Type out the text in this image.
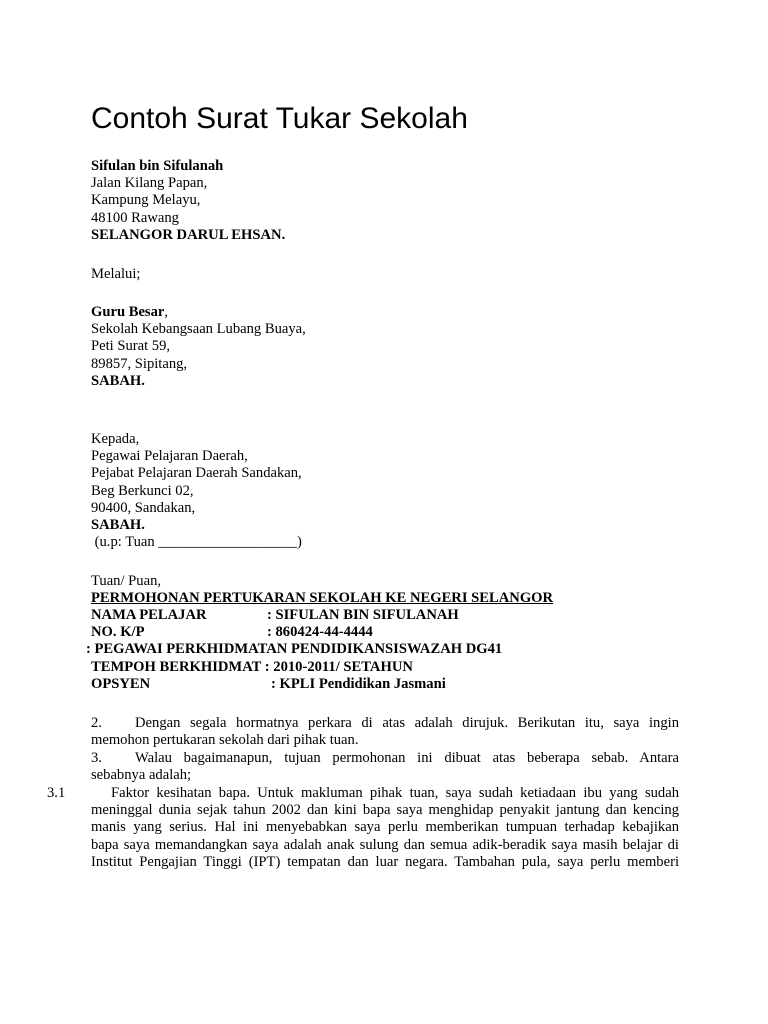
Contoh Surat Tukar Sekolah
Sifulan bin Sifulanah
Jalan Kilang Papan,
Kampung Melayu,
48100 Rawang
SELANGOR DARUL EHSAN.
Melalui;
Guru Besar,
Sekolah Kebangsaan Lubang Buaya,
Peti Surat 59,
89857, Sipitang,
SABAH.
Kepada,
Pegawai Pelajaran Daerah,
Pejabat Pelajaran Daerah Sandakan,
Beg Berkunci 02,
90400, Sandakan,
SABAH.
(u.p: Tuan ___________________)
Tuan/ Puan,
PERMOHONAN PERTUKARAN SEKOLAH KE NEGERI SELANGOR
NAMA PELAJAR	: SIFULAN BIN SIFULANAH
NO. K/P	: 860424-44-4444
: PEGAWAI PERKHIDMATAN PENDIDIKANSISWAZAH DG41
TEMPOH BERKHIDMAT : 2010-2011/ SETAHUN
OPSYEN	: KPLI Pendidikan Jasmani

2. Dengan segala hormatnya perkara di atas adalah dirujuk. Berikutan itu, saya ingin

memohon pertukaran sekolah dari pihak tuan.

3. Walau bagaimanapun, tujuan permohonan ini dibuat atas beberapa sebab. Antara

sebabnya adalah;

3.1	Faktor kesihatan bapa. Untuk makluman pihak tuan, saya sudah ketiadaan ibu yang sudah

meninggal dunia sejak tahun 2002 dan kini bapa saya menghidap penyakit jantung dan kencing

manis yang serius. Hal ini menyebabkan saya perlu memberikan tumpuan terhadap kebajikan

bapa saya memandangkan saya adalah anak sulung dan semua adik-beradik saya masih belajar di

Institut Pengajian Tinggi (IPT) tempatan dan luar negara. Tambahan pula, saya perlu memberi
